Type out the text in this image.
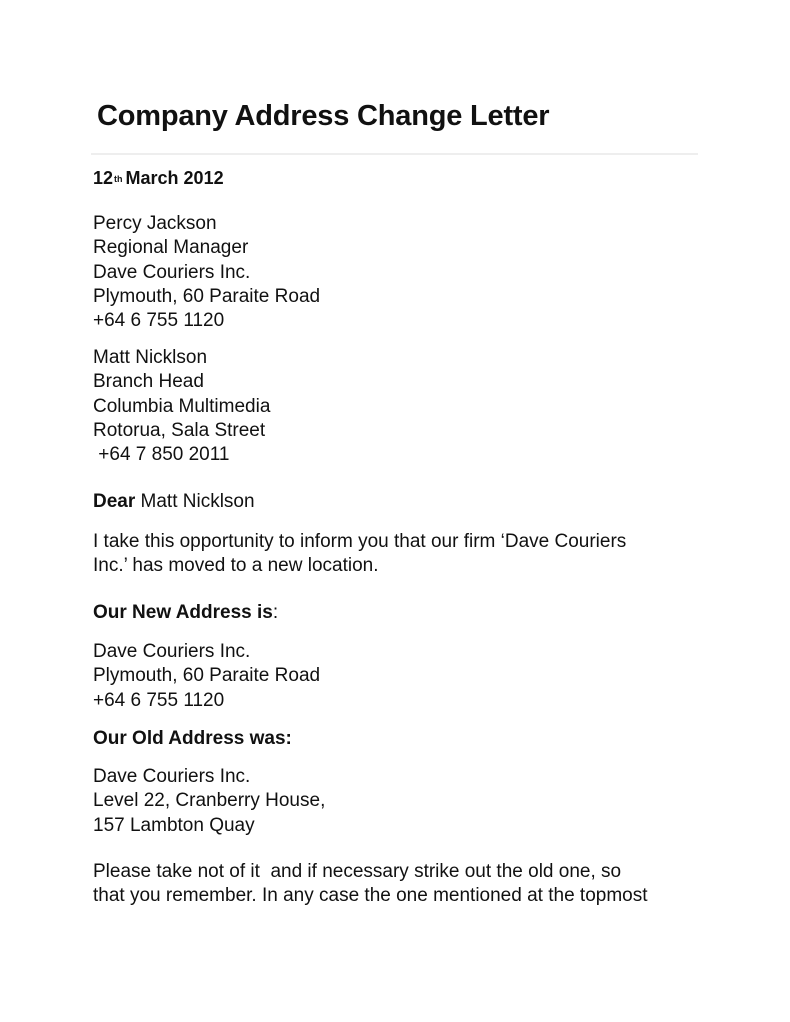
Company Address Change Letter
12th March 2012
Percy Jackson
Regional Manager
Dave Couriers Inc.
Plymouth, 60 Paraite Road
+64 6 755 1120
Matt Nicklson
Branch Head
Columbia Multimedia
Rotorua, Sala Street
+64 7 850 2011
Dear Matt Nicklson
I take this opportunity to inform you that our firm ‘Dave Couriers
Inc.’ has moved to a new location.
Our New Address is:
Dave Couriers Inc.
Plymouth, 60 Paraite Road
+64 6 755 1120
Our Old Address was:
Dave Couriers Inc.
Level 22, Cranberry House,
157 Lambton Quay
Please take not of it  and if necessary strike out the old one, so
that you remember. In any case the one mentioned at the topmost
